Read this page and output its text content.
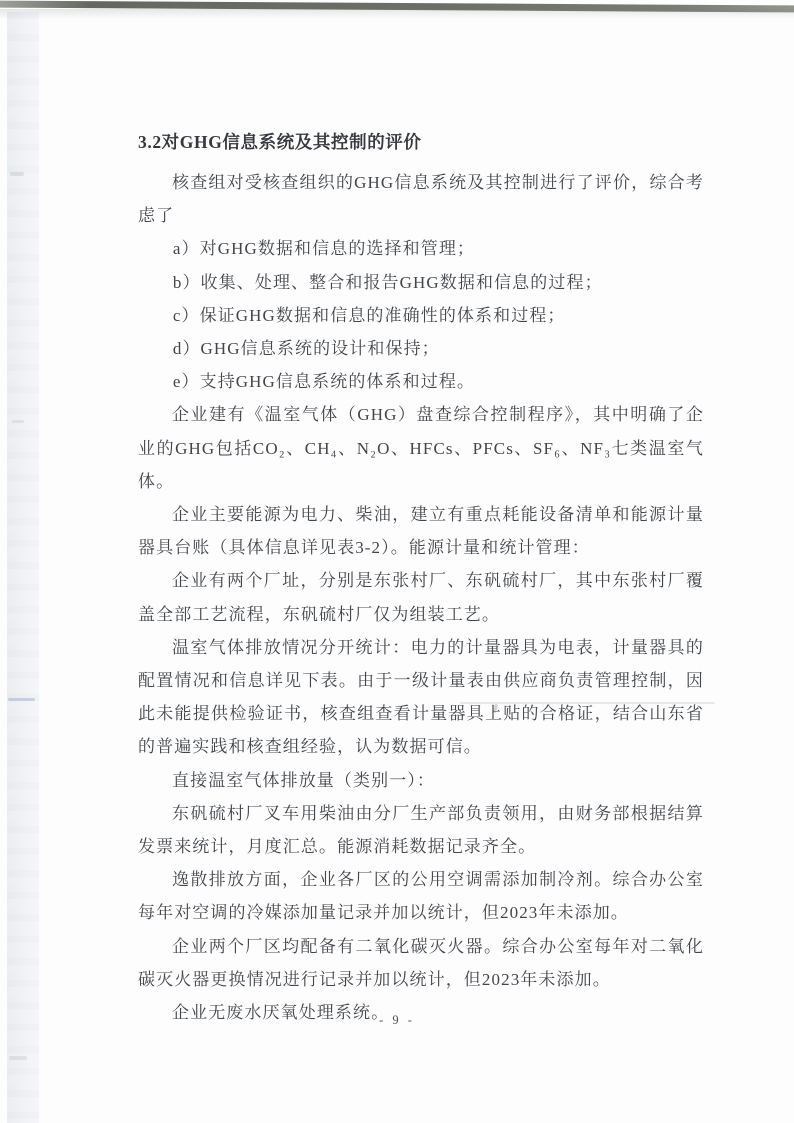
3.2对GHG信息系统及其控制的评价

核查组对受核查组织的GHG信息系统及其控制进行了评价，综合考虑了

a）对GHG数据和信息的选择和管理；

b）收集、处理、整合和报告GHG数据和信息的过程；

c）保证GHG数据和信息的准确性的体系和过程；

d）GHG信息系统的设计和保持；

e）支持GHG信息系统的体系和过程。

企业建有《温室气体（GHG）盘查综合控制程序》，其中明确了企业的GHG包括CO₂、CH₄、N₂O、HFCs、PFCs、SF₆、NF₃七类温室气体。

企业主要能源为电力、柴油，建立有重点耗能设备清单和能源计量器具台账（具体信息详见表3-2）。能源计量和统计管理：

企业有两个厂址，分别是东张村厂、东矾硫村厂，其中东张村厂覆盖全部工艺流程，东矾硫村厂仅为组装工艺。

温室气体排放情况分开统计：电力的计量器具为电表，计量器具的配置情况和信息详见下表。由于一级计量表由供应商负责管理控制，因此未能提供检验证书，核查组查看计量器具上贴的合格证，结合山东省的普遍实践和核查组经验，认为数据可信。

直接温室气体排放量（类别一）：

东矾硫村厂叉车用柴油由分厂生产部负责领用，由财务部根据结算发票来统计，月度汇总。能源消耗数据记录齐全。

逸散排放方面，企业各厂区的公用空调需添加制冷剂。综合办公室每年对空调的冷媒添加量记录并加以统计，但2023年未添加。

企业两个厂区均配备有二氧化碳灭火器。综合办公室每年对二氧化碳灭火器更换情况进行记录并加以统计，但2023年未添加。

企业无废水厌氧处理系统。

- 9 -
